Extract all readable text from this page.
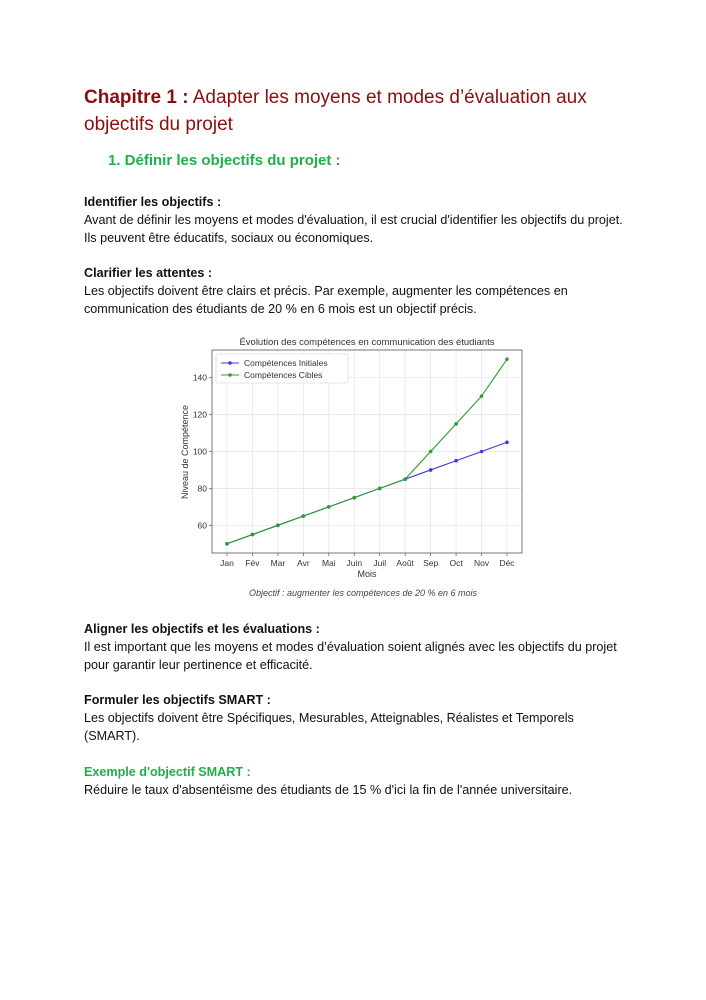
Chapitre 1 : Adapter les moyens et modes d’évaluation aux objectifs du projet
1. Définir les objectifs du projet :
Identifier les objectifs :
Avant de définir les moyens et modes d'évaluation, il est crucial d'identifier les objectifs du projet. Ils peuvent être éducatifs, sociaux ou économiques.
Clarifier les attentes :
Les objectifs doivent être clairs et précis. Par exemple, augmenter les compétences en communication des étudiants de 20 % en 6 mois est un objectif précis.
Évolution des compétences en communication des étudiants
60
80
100
120
140
Jan Fév Mar Avr Mai Juin Juil Août Sep Oct Nov Déc
Compétences Initiales
Compétences Cibles
Mois
Niveau de Compétence
Objectif : augmenter les compétences de 20 % en 6 mois
Aligner les objectifs et les évaluations :
Il est important que les moyens et modes d’évaluation soient alignés avec les objectifs du projet pour garantir leur pertinence et efficacité.
Formuler les objectifs SMART :
Les objectifs doivent être Spécifiques, Mesurables, Atteignables, Réalistes et Temporels (SMART).
Exemple d'objectif SMART :
Réduire le taux d'absentéisme des étudiants de 15 % d'ici la fin de l'année universitaire.
